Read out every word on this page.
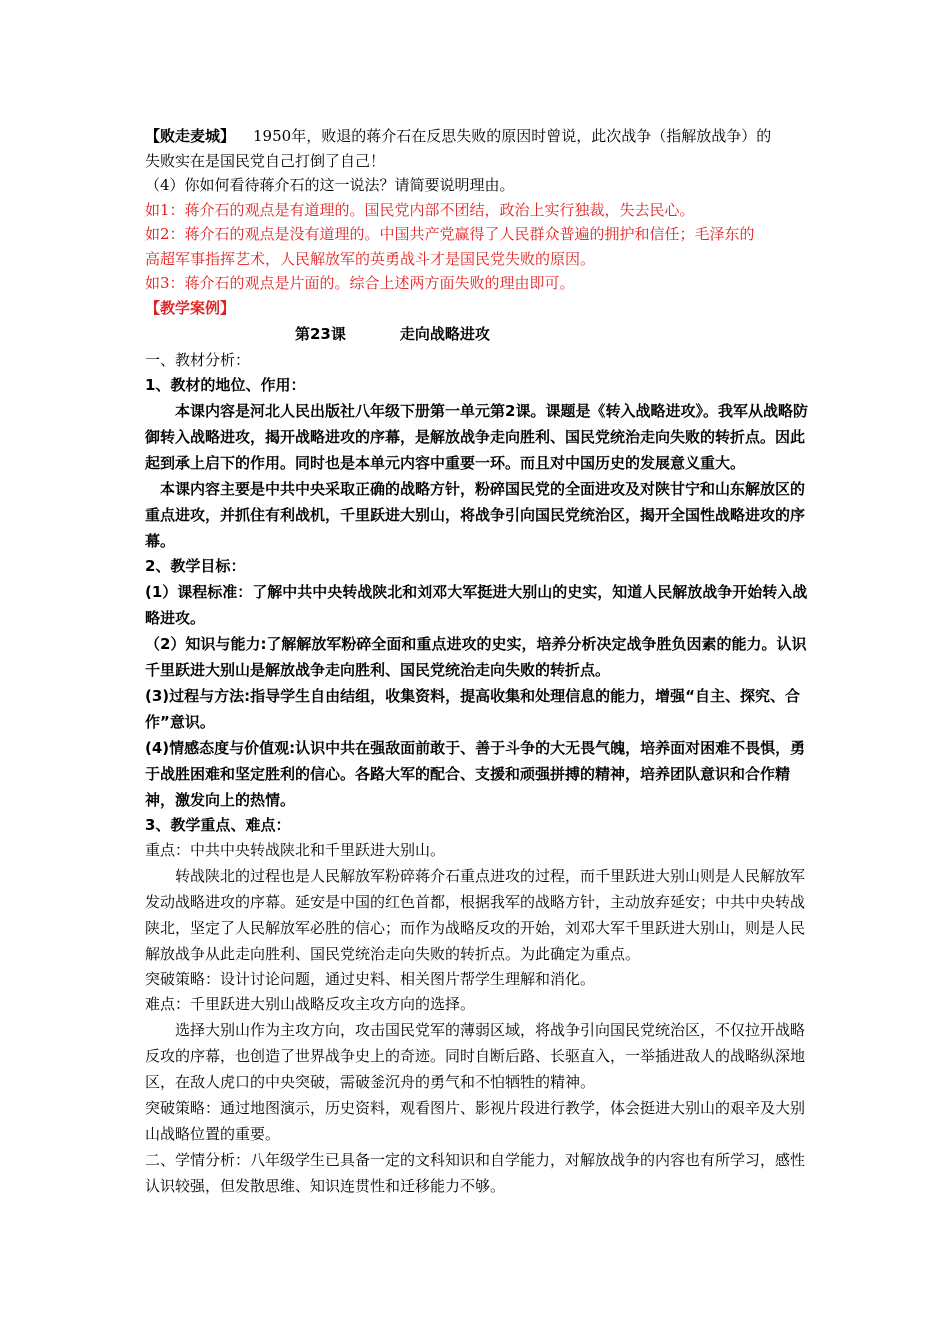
【败走麦城】 1950年，败退的蒋介石在反思失败的原因时曾说，此次战争（指解放战争）的
失败实在是国民党自己打倒了自己！
（4）你如何看待蒋介石的这一说法？请简要说明理由。
如1：蒋介石的观点是有道理的。国民党内部不团结，政治上实行独裁，失去民心。
如2：蒋介石的观点是没有道理的。中国共产党赢得了人民群众普遍的拥护和信任；毛泽东的
高超军事指挥艺术，人民解放军的英勇战斗才是国民党失败的原因。
如3：蒋介石的观点是片面的。综合上述两方面失败的理由即可。
【教学案例】
第23课	走向战略进攻
一、教材分析：
1、教材的地位、作用：

本课内容是河北人民出版社八年级下册第一单元第2课。课题是《转入战略进攻》。我军从战略防御转入战略进攻，揭开战略进攻的序幕，是解放战争走向胜利、国民党统治走向失败的转折点。因此起到承上启下的作用。同时也是本单元内容中重要一环。而且对中国历史的发展意义重大。

本课内容主要是中共中央采取正确的战略方针，粉碎国民党的全面进攻及对陕甘宁和山东解放区的重点进攻，并抓住有利战机，千里跃进大别山，将战争引向国民党统治区，揭开全国性战略进攻的序幕。

2、教学目标：

(1）课程标准：了解中共中央转战陕北和刘邓大军挺进大别山的史实，知道人民解放战争开始转入战略进攻。

（2）知识与能力:了解解放军粉碎全面和重点进攻的史实，培养分析决定战争胜负因素的能力。认识千里跃进大别山是解放战争走向胜利、国民党统治走向失败的转折点。

(3)过程与方法:指导学生自由结组，收集资料，提高收集和处理信息的能力，增强“自主、探究、合作”意识。

(4)情感态度与价值观:认识中共在强敌面前敢于、善于斗争的大无畏气魄，培养面对困难不畏惧，勇于战胜困难和坚定胜利的信心。各路大军的配合、支援和顽强拼搏的精神，培养团队意识和合作精神，激发向上的热情。

3、教学重点、难点：
重点：中共中央转战陕北和千里跃进大别山。

转战陕北的过程也是人民解放军粉碎蒋介石重点进攻的过程，而千里跃进大别山则是人民解放军发动战略进攻的序幕。延安是中国的红色首都，根据我军的战略方针，主动放弃延安；中共中央转战陕北，坚定了人民解放军必胜的信心；而作为战略反攻的开始，刘邓大军千里跃进大别山，则是人民解放战争从此走向胜利、国民党统治走向失败的转折点。为此确定为重点。

突破策略：设计讨论问题，通过史料、相关图片帮学生理解和消化。
难点：千里跃进大别山战略反攻主攻方向的选择。

选择大别山作为主攻方向，攻击国民党军的薄弱区域，将战争引向国民党统治区，不仅拉开战略反攻的序幕，也创造了世界战争史上的奇迹。同时自断后路、长驱直入，一举插进敌人的战略纵深地区，在敌人虎口的中央突破，需破釜沉舟的勇气和不怕牺牲的精神。

突破策略：通过地图演示，历史资料，观看图片、影视片段进行教学，体会挺进大别山的艰辛及大别山战略位置的重要。

二、学情分析：八年级学生已具备一定的文科知识和自学能力，对解放战争的内容也有所学习，感性认识较强，但发散思维、知识连贯性和迁移能力不够。
